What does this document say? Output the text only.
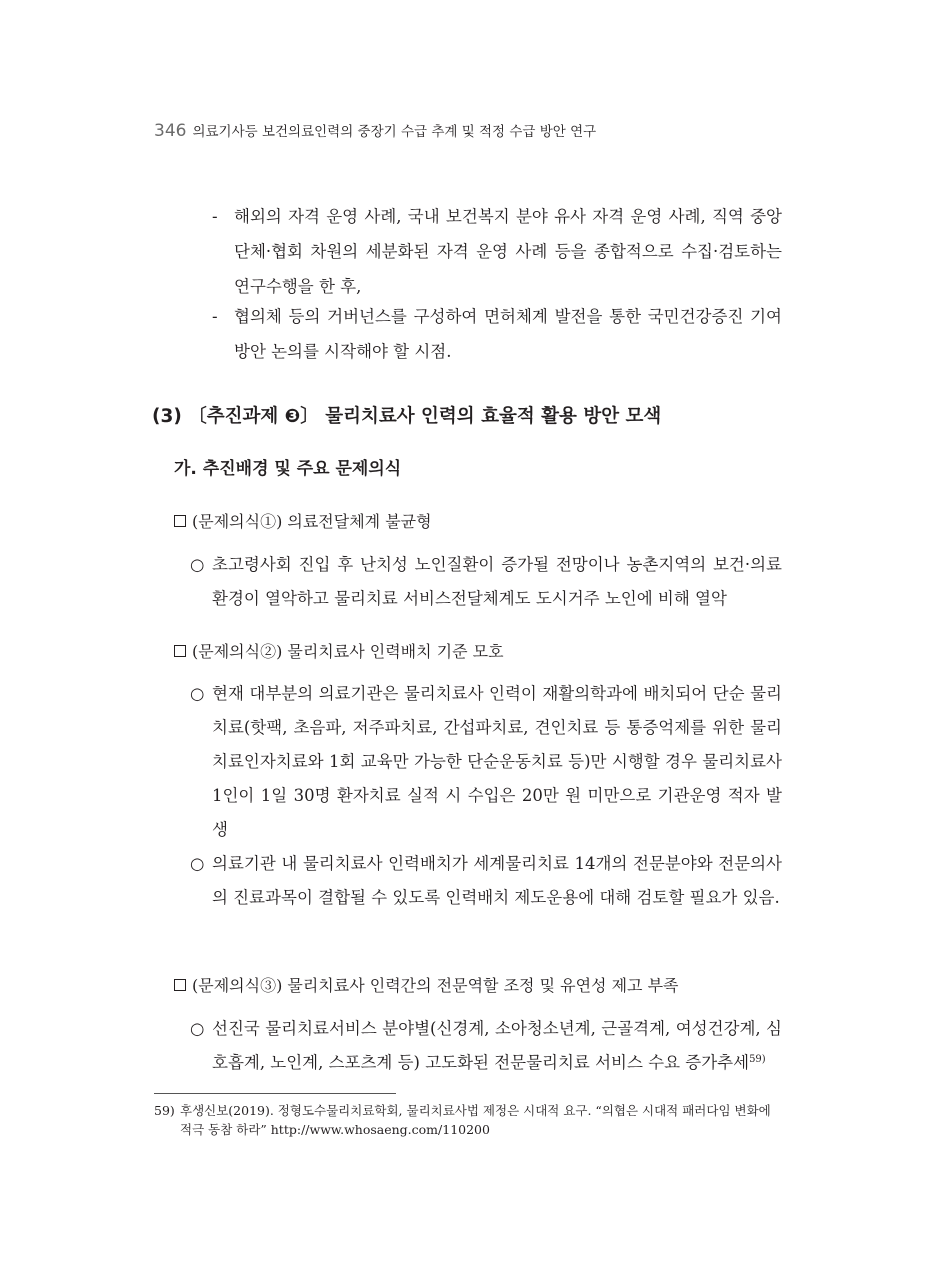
346 의료기사등 보건의료인력의 중장기 수급 추계 및 적정 수급 방안 연구
- 해외의 자격 운영 사례, 국내 보건복지 분야 유사 자격 운영 사례, 직역 중앙단체·협회 차원의 세분화된 자격 운영 사례 등을 종합적으로 수집·검토하는 연구수행을 한 후,
- 협의체 등의 거버넌스를 구성하여 면허체계 발전을 통한 국민건강증진 기여 방안 논의를 시작해야 할 시점.
(3) 〔추진과제 ❸〕 물리치료사 인력의 효율적 활용 방안 모색
가. 추진배경 및 주요 문제의식
(문제의식①) 의료전달체계 불균형
○ 초고령사회 진입 후 난치성 노인질환이 증가될 전망이나 농촌지역의 보건·의료 환경이 열악하고 물리치료 서비스전달체계도 도시거주 노인에 비해 열악
(문제의식②) 물리치료사 인력배치 기준 모호
○ 현재 대부분의 의료기관은 물리치료사 인력이 재활의학과에 배치되어 단순 물리치료(핫팩, 초음파, 저주파치료, 간섭파치료, 견인치료 등 통증억제를 위한 물리치료인자치료와 1회 교육만 가능한 단순운동치료 등)만 시행할 경우 물리치료사 1인이 1일 30명 환자치료 실적 시 수입은 20만 원 미만으로 기관운영 적자 발생
○ 의료기관 내 물리치료사 인력배치가 세계물리치료 14개의 전문분야와 전문의사의 진료과목이 결합될 수 있도록 인력배치 제도운용에 대해 검토할 필요가 있음.
(문제의식③) 물리치료사 인력간의 전문역할 조정 및 유연성 제고 부족
○ 선진국 물리치료서비스 분야별(신경계, 소아청소년계, 근골격계, 여성건강계, 심호흡계, 노인계, 스포츠계 등) 고도화된 전문물리치료 서비스 수요 증가추세$^{59)}$
59) 후생신보(2019). 정형도수물리치료학회, 물리치료사법 제정은 시대적 요구. “의협은 시대적 패러다임 변화에 적극 동참 하라” http://www.whosaeng.com/110200
